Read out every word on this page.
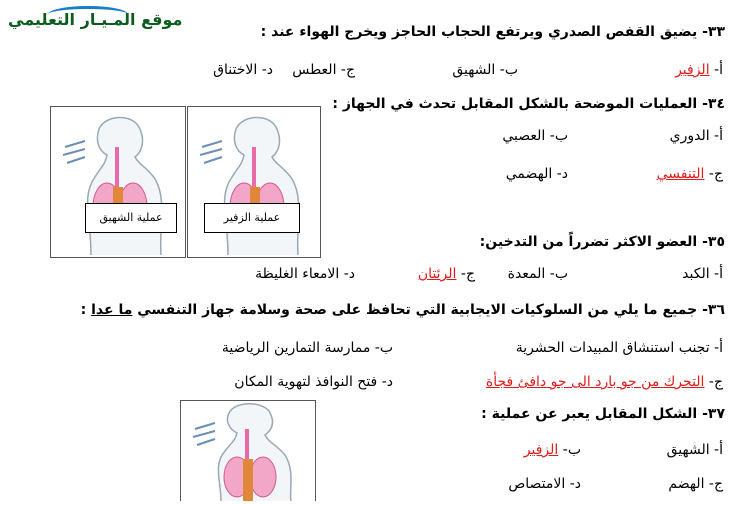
موقع المـيـار التعليمي
٣٣- يضيق القفص الصدري ويرتفع الحجاب الحاجز ويخرج الهواء عند :
أ- الزفير
ب- الشهيق
ج- العطس
د- الاختناق
٣٤- العمليات الموضحة بالشكل المقابل تحدث في الجهاز :
أ- الدوري
ب- العصبي
ج- التنفسي
د- الهضمي
عملية الزفير
عملية الشهيق
٣٥- العضو الاكثر تضرراً من التدخين:
أ- الكبد
ب- المعدة
ج- الرئتان
د- الامعاء الغليظة
٣٦- جميع ما يلي من السلوكيات الايجابية التي تحافظ على صحة وسلامة جهاز التنفسي ما عدا :
أ- تجنب استنشاق المبيدات الحشرية
ب- ممارسة التمارين الرياضية
ج- التحرك من جو بارد الى جو دافئ فجأة
د- فتح النوافذ لتهوية المكان
٣٧- الشكل المقابل يعبر عن عملية :
أ- الشهيق
ب- الزفير
ج- الهضم
د- الامتصاص
